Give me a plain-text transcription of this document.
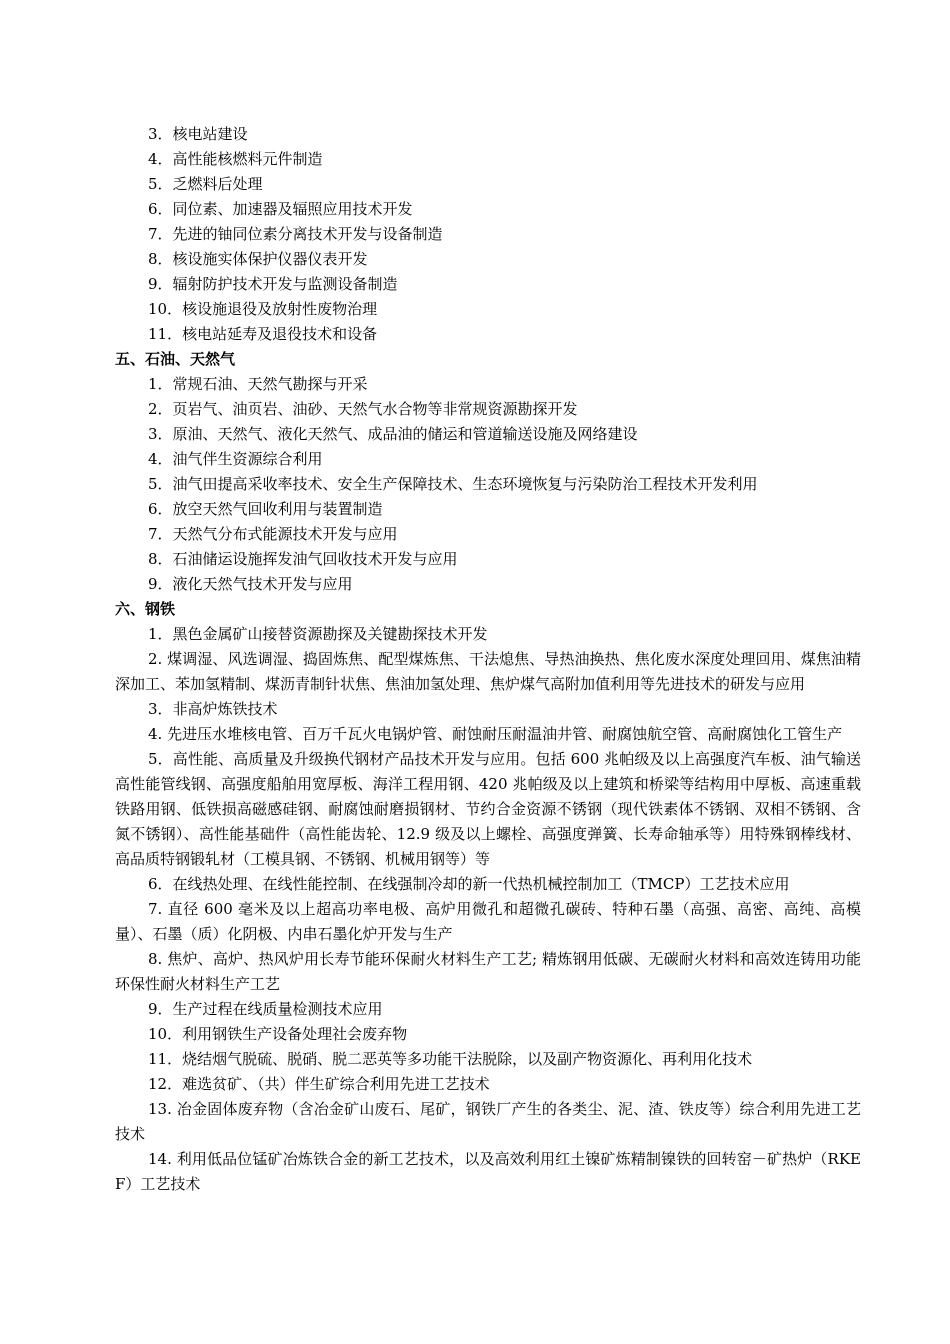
3．核电站建设
4．高性能核燃料元件制造
5．乏燃料后处理
6．同位素、加速器及辐照应用技术开发
7．先进的铀同位素分离技术开发与设备制造
8．核设施实体保护仪器仪表开发
9．辐射防护技术开发与监测设备制造
10．核设施退役及放射性废物治理
11．核电站延寿及退役技术和设备
五、石油、天然气
1．常规石油、天然气勘探与开采
2．页岩气、油页岩、油砂、天然气水合物等非常规资源勘探开发
3．原油、天然气、液化天然气、成品油的储运和管道输送设施及网络建设
4．油气伴生资源综合利用
5．油气田提高采收率技术、安全生产保障技术、生态环境恢复与污染防治工程技术开发利用
6．放空天然气回收利用与装置制造
7．天然气分布式能源技术开发与应用
8．石油储运设施挥发油气回收技术开发与应用
9．液化天然气技术开发与应用
六、钢铁
1．黑色金属矿山接替资源勘探及关键勘探技术开发
2. 煤调湿、风选调湿、捣固炼焦、配型煤炼焦、干法熄焦、导热油换热、焦化废水深度处理回用、煤焦油精深加工、苯加氢精制、煤沥青制针状焦、焦油加氢处理、焦炉煤气高附加值利用等先进技术的研发与应用
3．非高炉炼铁技术
4. 先进压水堆核电管、百万千瓦火电锅炉管、耐蚀耐压耐温油井管、耐腐蚀航空管、高耐腐蚀化工管生产
5．高性能、高质量及升级换代钢材产品技术开发与应用。包括 600 兆帕级及以上高强度汽车板、油气输送高性能管线钢、高强度船舶用宽厚板、海洋工程用钢、420 兆帕级及以上建筑和桥梁等结构用中厚板、高速重载铁路用钢、低铁损高磁感硅钢、耐腐蚀耐磨损钢材、节约合金资源不锈钢（现代铁素体不锈钢、双相不锈钢、含氮不锈钢）、高性能基础件（高性能齿轮、12.9 级及以上螺栓、高强度弹簧、长寿命轴承等）用特殊钢棒线材、高品质特钢锻轧材（工模具钢、不锈钢、机械用钢等）等
6．在线热处理、在线性能控制、在线强制冷却的新一代热机械控制加工（TMCP）工艺技术应用
7. 直径 600 毫米及以上超高功率电极、高炉用微孔和超微孔碳砖、特种石墨（高强、高密、高纯、高模量）、石墨（质）化阴极、内串石墨化炉开发与生产
8. 焦炉、高炉、热风炉用长寿节能环保耐火材料生产工艺; 精炼钢用低碳、无碳耐火材料和高效连铸用功能环保性耐火材料生产工艺
9．生产过程在线质量检测技术应用
10．利用钢铁生产设备处理社会废弃物
11．烧结烟气脱硫、脱硝、脱二恶英等多功能干法脱除，以及副产物资源化、再利用化技术
12．难选贫矿、（共）伴生矿综合利用先进工艺技术
13. 冶金固体废弃物（含冶金矿山废石、尾矿，钢铁厂产生的各类尘、泥、渣、铁皮等）综合利用先进工艺技术
14. 利用低品位锰矿冶炼铁合金的新工艺技术，以及高效利用红土镍矿炼精制镍铁的回转窑－矿热炉（RKEF）工艺技术
